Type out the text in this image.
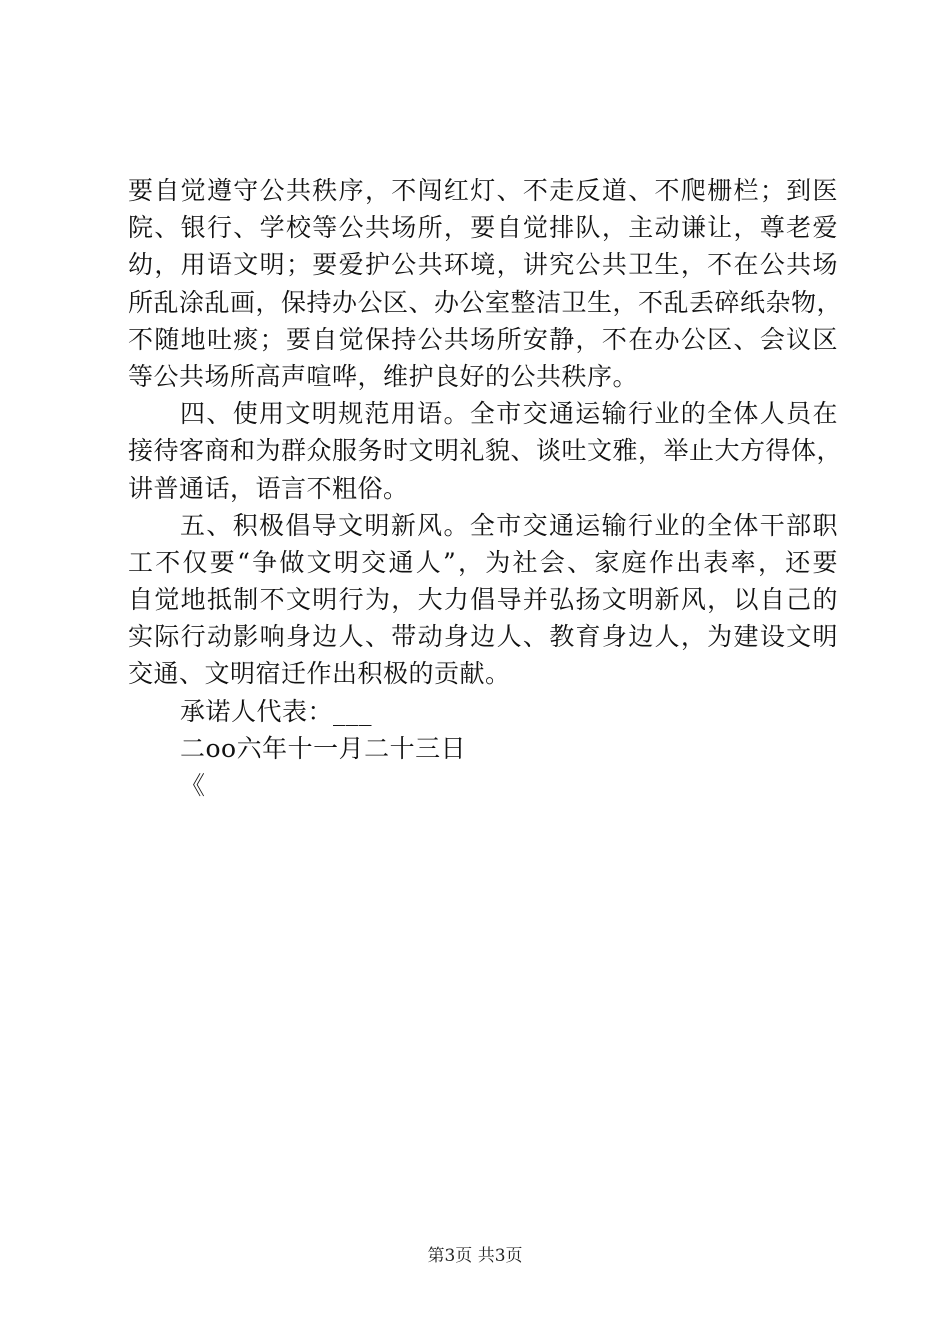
要自觉遵守公共秩序，不闯红灯、不走反道、不爬栅栏；到医
院、银行、学校等公共场所，要自觉排队，主动谦让，尊老爱
幼，用语文明；要爱护公共环境，讲究公共卫生，不在公共场
所乱涂乱画，保持办公区、办公室整洁卫生，不乱丢碎纸杂物，
不随地吐痰；要自觉保持公共场所安静，不在办公区、会议区
等公共场所高声喧哗，维护良好的公共秩序。
四、使用文明规范用语。全市交通运输行业的全体人员在
接待客商和为群众服务时文明礼貌、谈吐文雅，举止大方得体，
讲普通话，语言不粗俗。
五、积极倡导文明新风。全市交通运输行业的全体干部职
工不仅要“争做文明交通人”，为社会、家庭作出表率，还要
自觉地抵制不文明行为，大力倡导并弘扬文明新风，以自己的
实际行动影响身边人、带动身边人、教育身边人，为建设文明
交通、文明宿迁作出积极的贡献。
承诺人代表：___
二oo六年十一月二十三日
《
第3页 共3页
